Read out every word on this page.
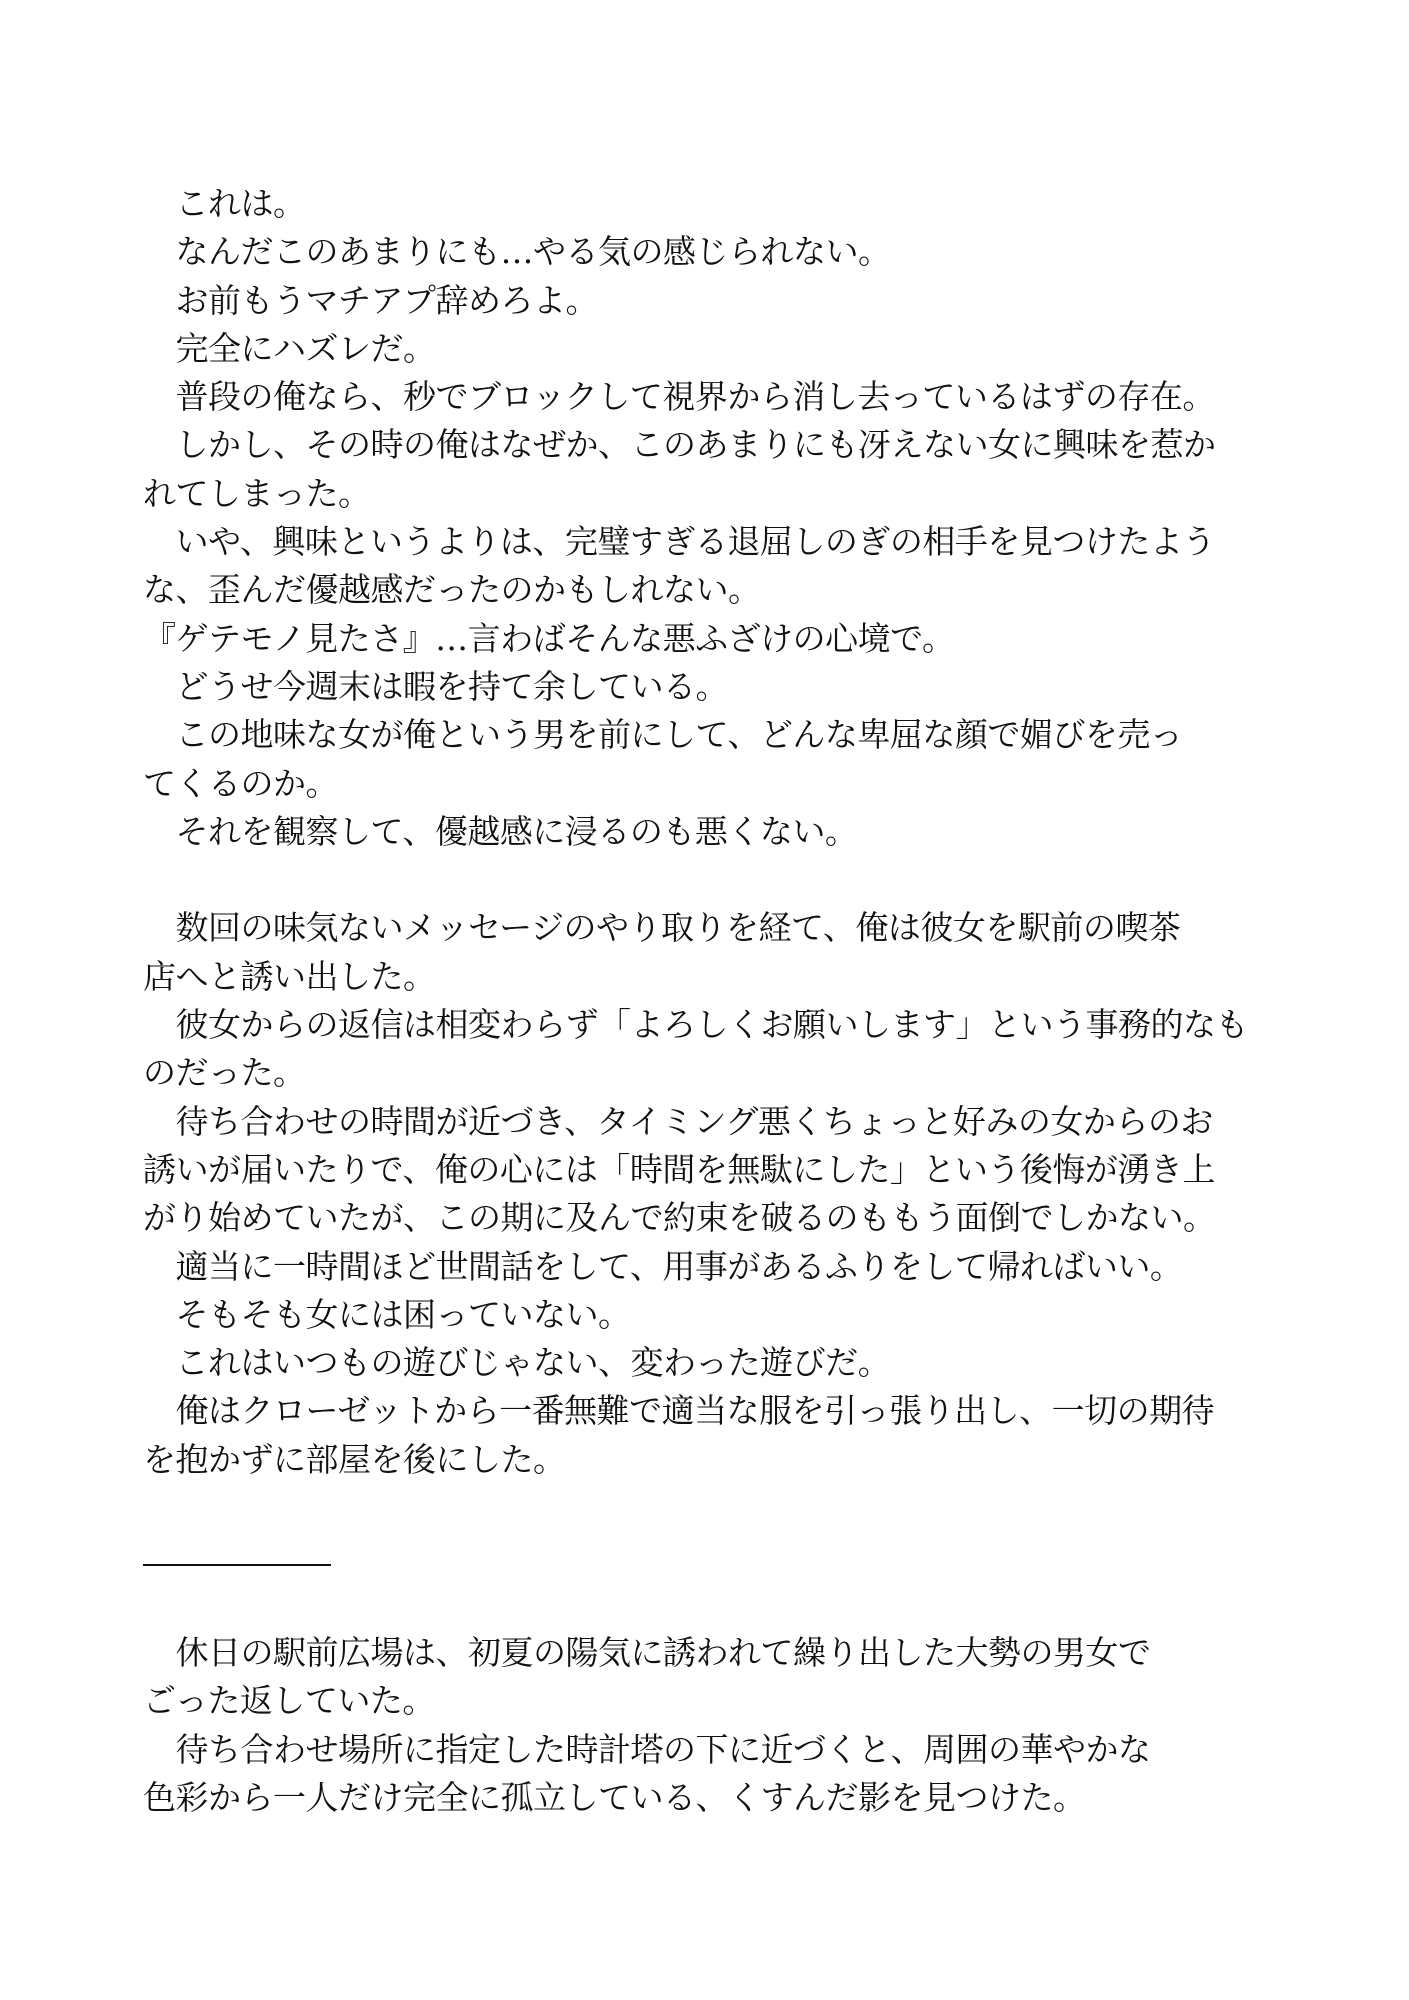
　これは。
　なんだこのあまりにも…やる気の感じられない。
　お前もうマチアプ辞めろよ。
　完全にハズレだ。
　普段の俺なら、秒でブロックして視界から消し去っているはずの存在。
　しかし、その時の俺はなぜか、このあまりにも冴えない女に興味を惹か
れてしまった。
　いや、興味というよりは、完璧すぎる退屈しのぎの相手を見つけたよう
な、歪んだ優越感だったのかもしれない。
『ゲテモノ見たさ』…言わばそんな悪ふざけの心境で。
　どうせ今週末は暇を持て余している。
　この地味な女が俺という男を前にして、どんな卑屈な顔で媚びを売っ
てくるのか。
　それを観察して、優越感に浸るのも悪くない。
　数回の味気ないメッセージのやり取りを経て、俺は彼女を駅前の喫茶
店へと誘い出した。
　彼女からの返信は相変わらず「よろしくお願いします」という事務的なも
のだった。
　待ち合わせの時間が近づき、タイミング悪くちょっと好みの女からのお
誘いが届いたりで、俺の心には「時間を無駄にした」という後悔が湧き上
がり始めていたが、この期に及んで約束を破るのももう面倒でしかない。
　適当に一時間ほど世間話をして、用事があるふりをして帰ればいい。
　そもそも女には困っていない。
　これはいつもの遊びじゃない、変わった遊びだ。
　俺はクローゼットから一番無難で適当な服を引っ張り出し、一切の期待
を抱かずに部屋を後にした。
　休日の駅前広場は、初夏の陽気に誘われて繰り出した大勢の男女で
ごった返していた。
　待ち合わせ場所に指定した時計塔の下に近づくと、周囲の華やかな
色彩から一人だけ完全に孤立している、くすんだ影を見つけた。
